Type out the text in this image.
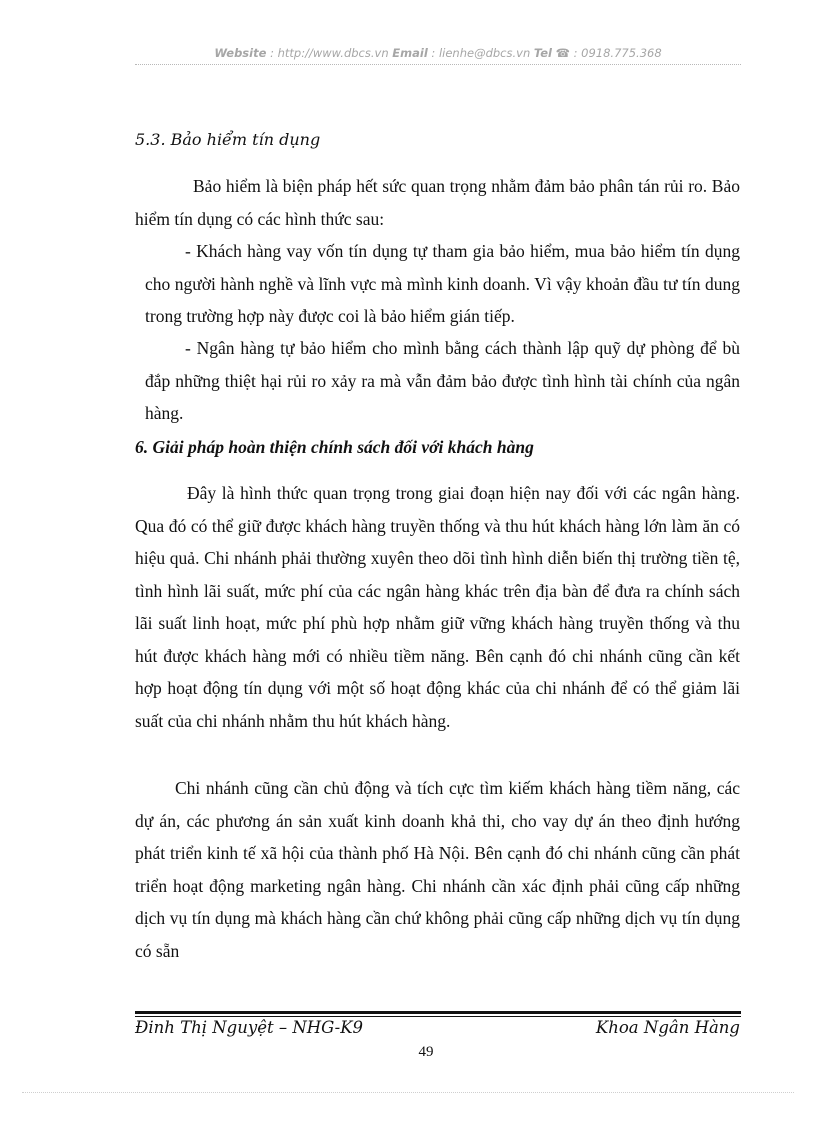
Website : http://www.dbcs.vn Email : lienhe@dbcs.vn Tel ☎ : 0918.775.368
5.3. Bảo hiểm tín dụng

Bảo hiểm là biện pháp hết sức quan trọng nhằm đảm bảo phân tán rủi ro. Bảo hiểm tín dụng có các hình thức sau:

- Khách hàng vay vốn tín dụng tự tham gia bảo hiểm, mua bảo hiểm tín dụng cho người hành nghề và lĩnh vực mà mình kinh doanh. Vì vậy khoản đầu tư tín dung trong trường hợp này được coi là bảo hiểm gián tiếp.

- Ngân hàng tự bảo hiểm cho mình bằng cách thành lập quỹ dự phòng để bù đắp những thiệt hại rủi ro xảy ra mà vẫn đảm bảo được tình hình tài chính của ngân hàng.

6. Giải pháp hoàn thiện chính sách đối với khách hàng

Đây là hình thức quan trọng trong giai đoạn hiện nay đối với các ngân hàng. Qua đó có thể giữ được khách hàng truyền thống và thu hút khách hàng lớn làm ăn có hiệu quả. Chi nhánh phải thường xuyên theo dõi tình hình diễn biến thị trường tiền tệ, tình hình lãi suất, mức phí của các ngân hàng khác trên địa bàn để đưa ra chính sách lãi suất linh hoạt, mức phí phù hợp nhằm giữ vững khách hàng truyền thống và thu hút được khách hàng mới có nhiều tiềm năng. Bên cạnh đó chi nhánh cũng cần kết hợp hoạt động tín dụng với một số hoạt động khác của chi nhánh để có thể giảm lãi suất của chi nhánh nhằm thu hút khách hàng.

Chi nhánh cũng cần chủ động và tích cực tìm kiếm khách hàng tiềm năng, các dự án, các phương án sản xuất kinh doanh khả thi, cho vay dự án theo định hướng phát triển kinh tế xã hội của thành phố Hà Nội. Bên cạnh đó chi nhánh cũng cần phát triển hoạt động marketing ngân hàng. Chi nhánh cần xác định phải cũng cấp những dịch vụ tín dụng mà khách hàng cần chứ không phải cũng cấp những dịch vụ tín dụng có sẵn

Đinh Thị Nguyệt – NHG-K9	Khoa Ngân Hàng
49
